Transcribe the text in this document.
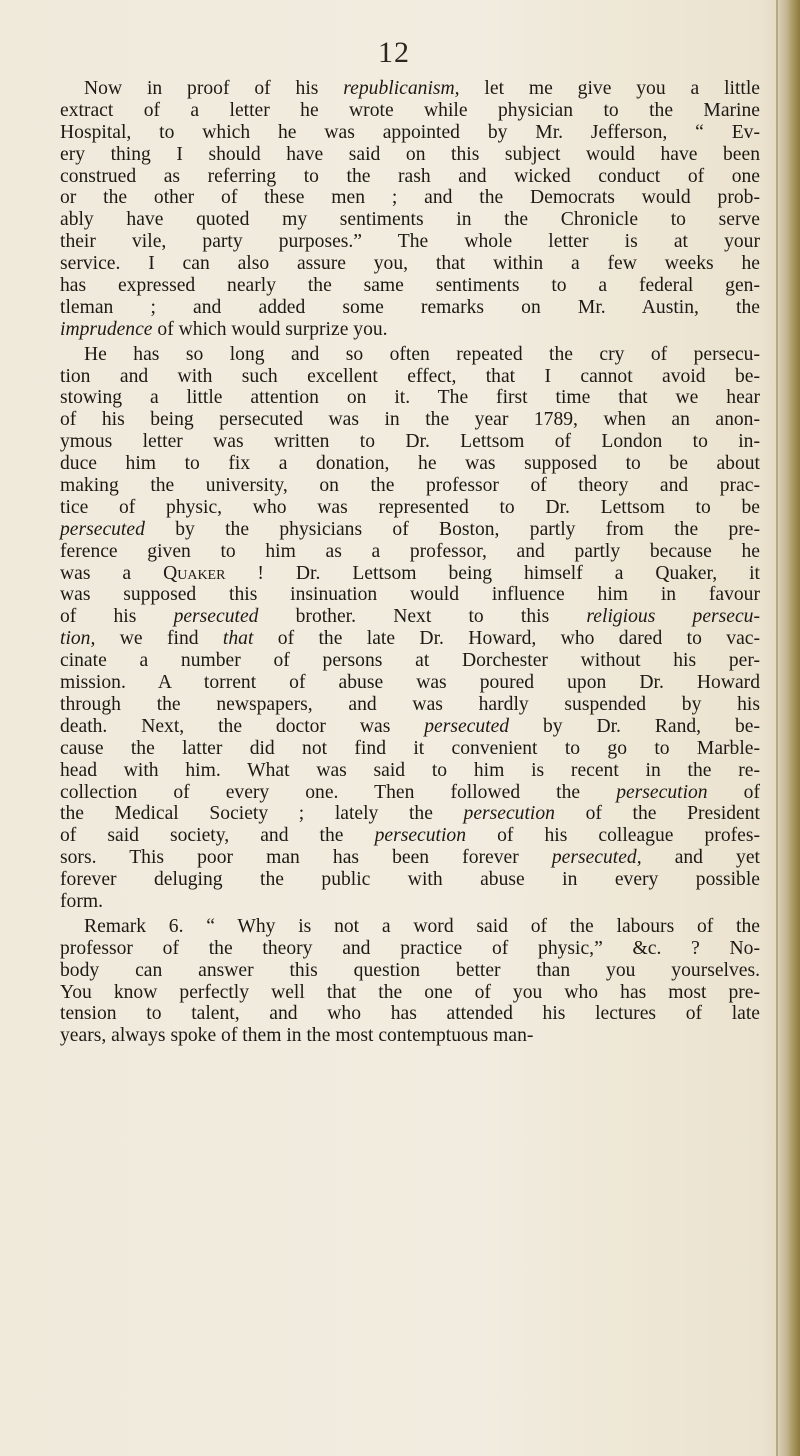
12
Now in proof of his republicanism, let me give you a little
extract of a letter he wrote while physician to the Marine
Hospital, to which he was appointed by Mr. Jefferson, “ Ev-
ery thing I should have said on this subject would have been
construed as referring to the rash and wicked conduct of one
or the other of these men ; and the Democrats would prob-
ably have quoted my sentiments in the Chronicle to serve
their vile, party purposes.” The whole letter is at your
service. I can also assure you, that within a few weeks he
has expressed nearly the same sentiments to a federal gen-
tleman ; and added some remarks on Mr. Austin, the
imprudence of which would surprize you.
He has so long and so often repeated the cry of persecu-
tion and with such excellent effect, that I cannot avoid be-
stowing a little attention on it. The first time that we hear
of his being persecuted was in the year 1789, when an anon-
ymous letter was written to Dr. Lettsom of London to in-
duce him to fix a donation, he was supposed to be about
making the university, on the professor of theory and prac-
tice of physic, who was represented to Dr. Lettsom to be
persecuted by the physicians of Boston, partly from the pre-
ference given to him as a professor, and partly because he
was a Quaker ! Dr. Lettsom being himself a Quaker, it
was supposed this insinuation would influence him in favour
of his persecuted brother. Next to this religious persecu-
tion, we find that of the late Dr. Howard, who dared to vac-
cinate a number of persons at Dorchester without his per-
mission. A torrent of abuse was poured upon Dr. Howard
through the newspapers, and was hardly suspended by his
death. Next, the doctor was persecuted by Dr. Rand, be-
cause the latter did not find it convenient to go to Marble-
head with him. What was said to him is recent in the re-
collection of every one. Then followed the persecution of
the Medical Society ; lately the persecution of the President
of said society, and the persecution of his colleague profes-
sors. This poor man has been forever persecuted, and yet
forever deluging the public with abuse in every possible
form.
Remark 6. “ Why is not a word said of the labours of the
professor of the theory and practice of physic,” &c. ? No-
body can answer this question better than you yourselves.
You know perfectly well that the one of you who has most pre-
tension to talent, and who has attended his lectures of late
years, always spoke of them in the most contemptuous man-
